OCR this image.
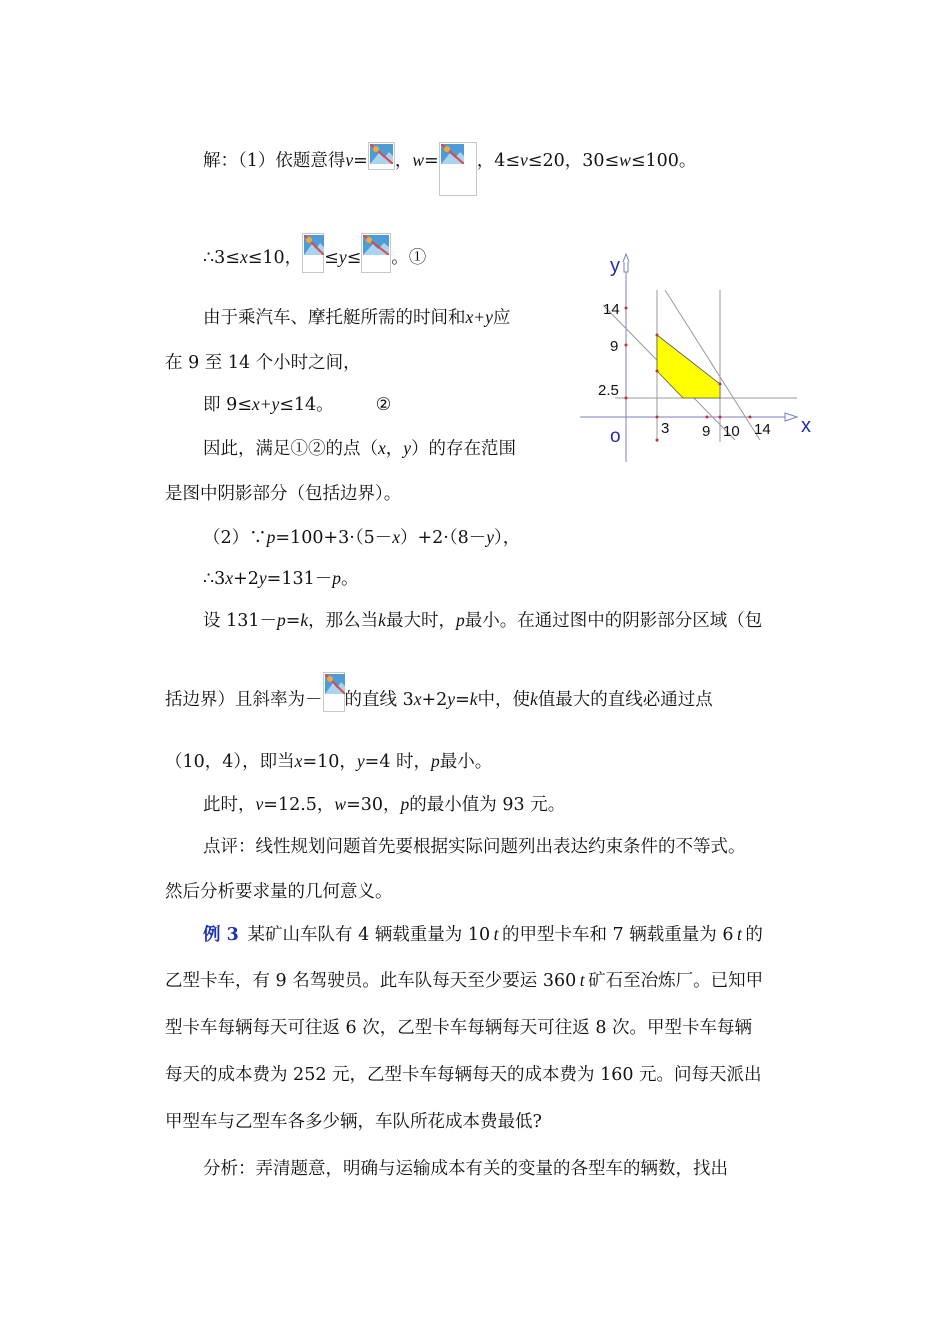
解：（1）依题意得v= ，w= ，4≤v≤20，30≤w≤100。
∴3≤x≤10， ≤y≤ 。①
由于乘汽车、摩托艇所需的时间和x+y应
在 9 至 14 个小时之间，
即 9≤x+y≤14。 ②
因此，满足①②的点（x，y）的存在范围
是图中阴影部分（包括边界）。
y
14
9
2.5
o	3 9 10 14 x
（2）∵p=100+3·（5－x）+2·（8－y），
∴3x+2y=131－p。
设 131－p=k，那么当k最大时，p最小。在通过图中的阴影部分区域（包
括边界）且斜率为－ 的直线 3x+2y=k中，使k值最大的直线必通过点
（10，4），即当x=10，y=4 时，p最小。
此时，v=12.5，w=30，p的最小值为 93 元。
点评：线性规划问题首先要根据实际问题列出表达约束条件的不等式。
然后分析要求量的几何意义。
例 3  某矿山车队有 4 辆载重量为 10  t  的甲型卡车和 7 辆载重量为 6  t  的
乙型卡车，有 9 名驾驶员。此车队每天至少要运 360  t  矿石至冶炼厂。已知甲
型卡车每辆每天可往返 6 次，乙型卡车每辆每天可往返 8 次。甲型卡车每辆
每天的成本费为 252 元，乙型卡车每辆每天的成本费为 160 元。问每天派出
甲型车与乙型车各多少辆，车队所花成本费最低?
分析：弄清题意，明确与运输成本有关的变量的各型车的辆数，找出
